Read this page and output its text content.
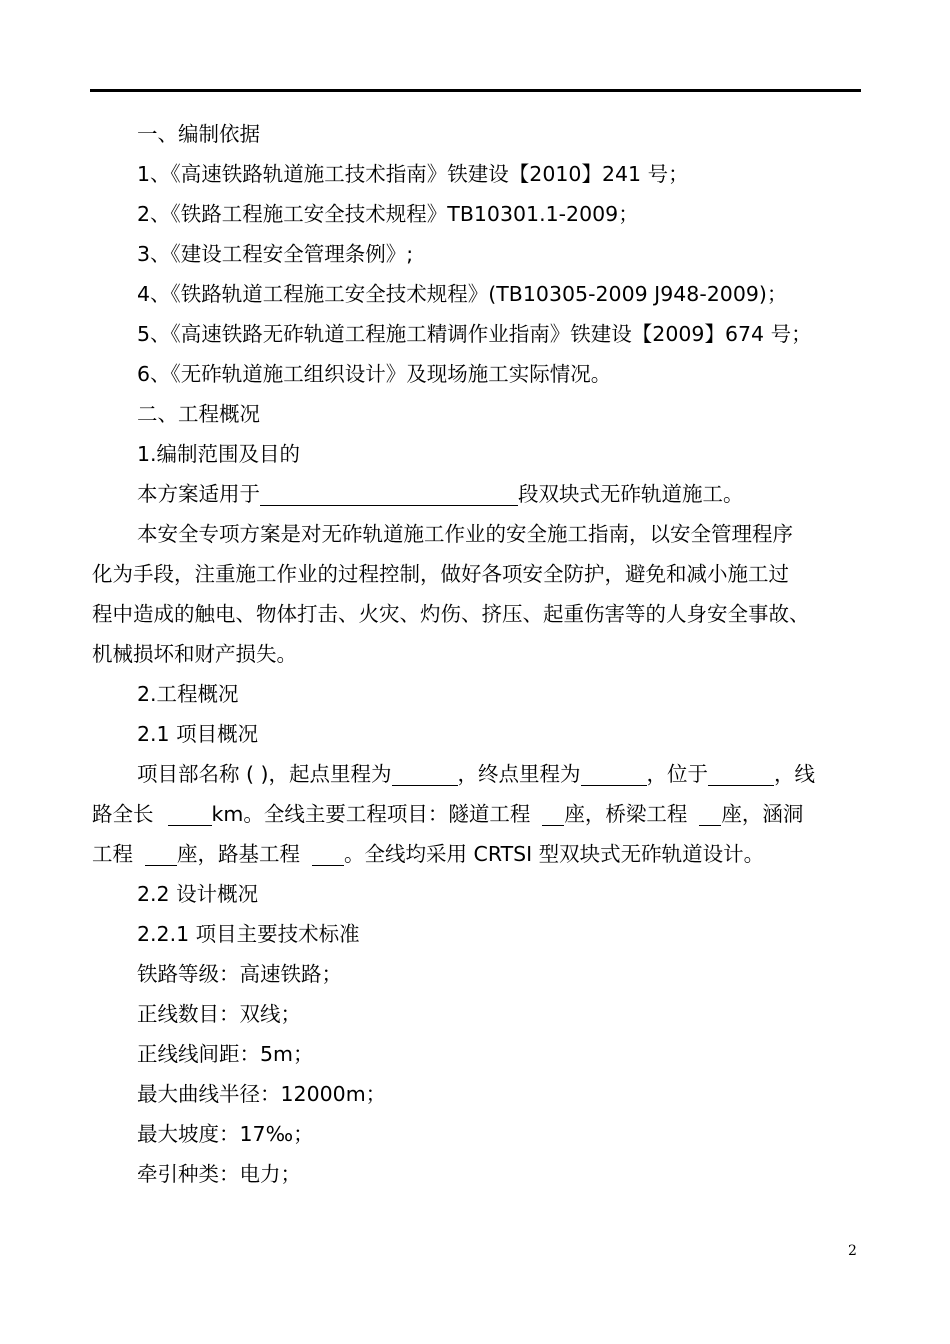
一、编制依据
1、《高速铁路轨道施工技术指南》铁建设【2010】241 号；
2、《铁路工程施工安全技术规程》TB10301.1-2009；
3、《建设工程安全管理条例》;
4、《铁路轨道工程施工安全技术规程》(TB10305-2009 J948-2009)；
5、《高速铁路无砟轨道工程施工精调作业指南》铁建设【2009】674 号；
6、《无砟轨道施工组织设计》及现场施工实际情况。
二、工程概况
1.编制范围及目的
本方案适用于	段双块式无砟轨道施工。
本安全专项方案是对无砟轨道施工作业的安全施工指南，以安全管理程序
化为手段，注重施工作业的过程控制，做好各项安全防护，避免和减小施工过
程中造成的触电、物体打击、火灾、灼伤、挤压、起重伤害等的人身安全事故、
机械损坏和财产损失。
2.工程概况
2.1 项目概况
项目部名称 ( )，起点里程为	，终点里程为	，位于	，线
路全长	km。全线主要工程项目：隧道工程 座，桥梁工程 座，涵洞
工程 座，路基工程 。全线均采用 CRTSI 型双块式无砟轨道设计。
2.2 设计概况
2.2.1 项目主要技术标准
铁路等级：高速铁路；
正线数目：双线；
正线线间距：5m；
最大曲线半径：12000m；
最大坡度：17‰；
牵引种类：电力；
2
